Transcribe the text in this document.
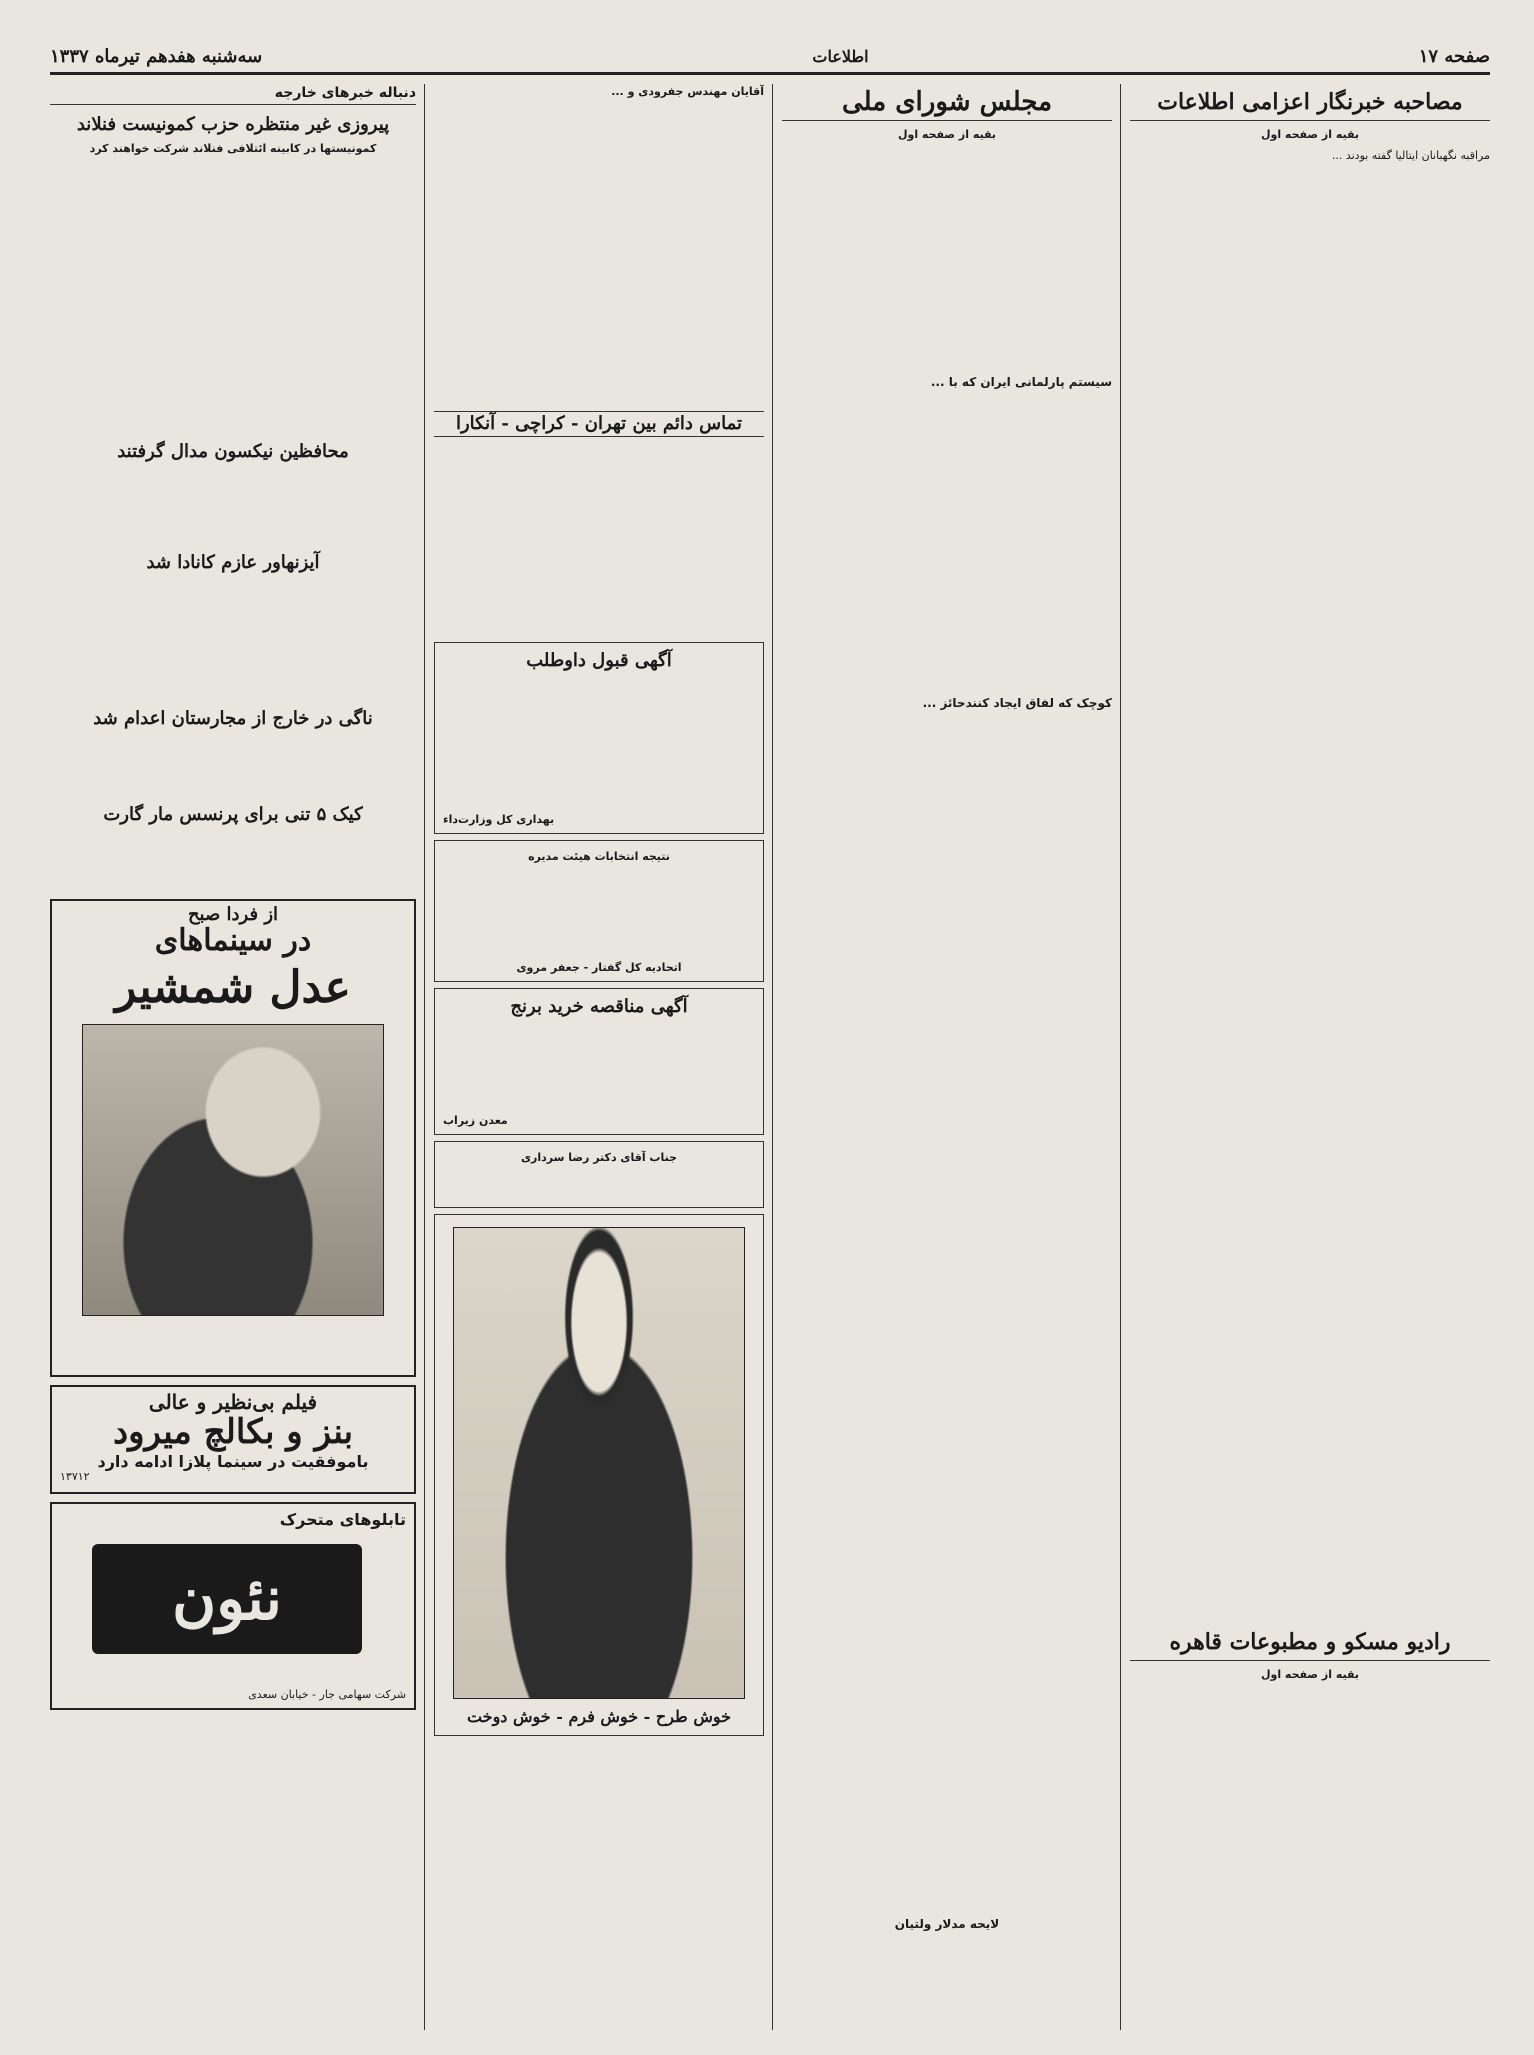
صفحه ۱۷
اطلاعات
سه‌شنبه هفدهم تیرماه ۱۳۳۷
مصاحبه خبرنگار اعزامی اطلاعات
بقیه از صفحه اول

مراقبه نگهبانان ایتالیا گفته بودند ...

رادیو مسکو و مطبوعات قاهره
بقیه از صفحه اول
مجلس شورای ملی
بقیه از صفحه اول
سیستم پارلمانی ایران که با ...
کوچک که لفاق ایجاد کنندحائز ...
لایحه مدلار ولتیان

آقایان مهندس جفرودی و ...

تماس دائم بین تهران - کراچی - آنکارا
آگهی قبول داوطلب
بهداری کل وزارت‌داء
نتیجه انتخابات هیئت مدیره
اتحادیه کل گفتار - جعفر مروی
آگهی مناقصه خرید برنج
معدن زیراب
جناب آقای دکتر رضا سرداری
خوش طرح - خوش فرم - خوش دوخت
دنباله خبرهای خارجه
پیروزی غیر منتظره حزب کمونیست فنلاند
کمونیستها در کابینه ائتلافی فنلاند شرکت خواهند کرد
محافظین نیکسون مدال گرفتند
آیزنهاور عازم کانادا شد
ناگی در خارج از مجارستان اعدام شد
کیک ۵ تنی برای پرنسس مار گارت
از فردا صبح
در سینماهای
عدل شمشیر
فیلم بی‌نظیر و عالی
بنز و بکالچ میرود
باموفقیت در سینما پلازا ادامه دارد
۱۳۷۱۲
تابلوهای متحرک
نئون
شرکت سهامی جار - خیابان سعدی
